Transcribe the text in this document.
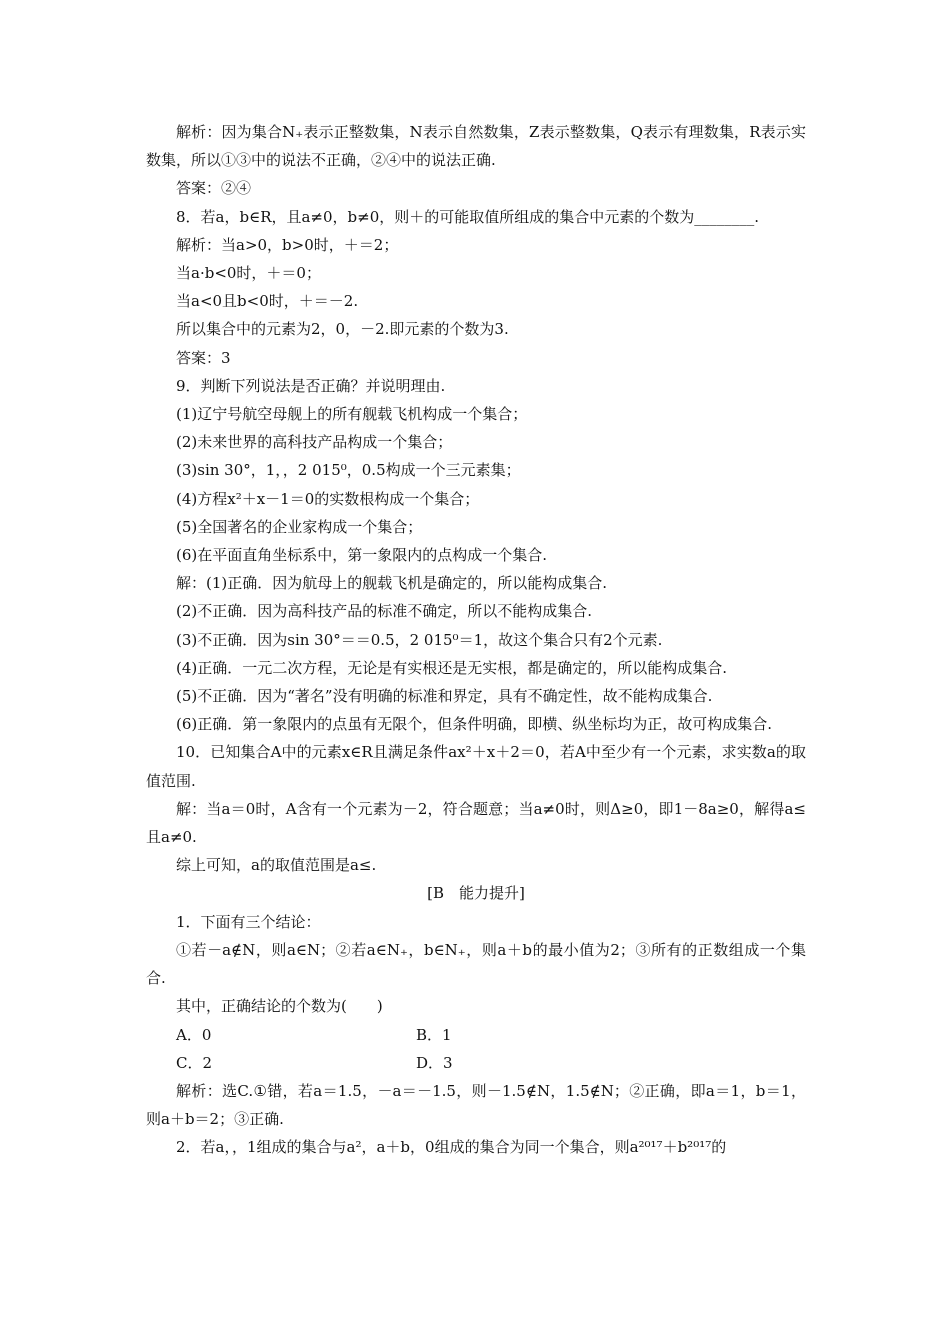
解析：因为集合N₊表示正整数集，N表示自然数集，Z表示整数集，Q表示有理数集，R表示实数集，所以①③中的说法不正确，②④中的说法正确.

答案：②④

8．若a，b∈R，且a≠0，b≠0，则＋的可能取值所组成的集合中元素的个数为________.

解析：当a>0，b>0时，＋＝2；

当a·b<0时，＋＝0；

当a<0且b<0时，＋＝－2.

所以集合中的元素为2，0，－2.即元素的个数为3.

答案：3

9．判断下列说法是否正确？并说明理由.

(1)辽宁号航空母舰上的所有舰载飞机构成一个集合；

(2)未来世界的高科技产品构成一个集合；

(3)sin 30°，1，，2 015⁰，0.5构成一个三元素集；

(4)方程x²＋x－1＝0的实数根构成一个集合；

(5)全国著名的企业家构成一个集合；

(6)在平面直角坐标系中，第一象限内的点构成一个集合.

解：(1)正确．因为航母上的舰载飞机是确定的，所以能构成集合.

(2)不正确．因为高科技产品的标准不确定，所以不能构成集合.

(3)不正确．因为sin 30°＝＝0.5，2 015⁰＝1，故这个集合只有2个元素.

(4)正确．一元二次方程，无论是有实根还是无实根，都是确定的，所以能构成集合.

(5)不正确．因为“著名”没有明确的标准和界定，具有不确定性，故不能构成集合.

(6)正确．第一象限内的点虽有无限个，但条件明确，即横、纵坐标均为正，故可构成集合.

10．已知集合A中的元素x∈R且满足条件ax²＋x＋2＝0，若A中至少有一个元素，求实数a的取值范围.

解：当a＝0时，A含有一个元素为－2，符合题意；当a≠0时，则Δ≥0，即1－8a≥0，解得a≤且a≠0.

综上可知，a的取值范围是a≤.

[B　能力提升]

1．下面有三个结论：

①若－a∉N，则a∈N；②若a∈N₊，b∈N₊，则a＋b的最小值为2；③所有的正数组成一个集合.

其中，正确结论的个数为(　　)

A．0	B．1
C．2	D．3

解析：选C.①错，若a＝1.5，－a＝－1.5，则－1.5∉N，1.5∉N；②正确，即a＝1，b＝1，则a＋b＝2；③正确.

2．若a，，1组成的集合与a²，a＋b，0组成的集合为同一个集合，则a²⁰¹⁷＋b²⁰¹⁷的
